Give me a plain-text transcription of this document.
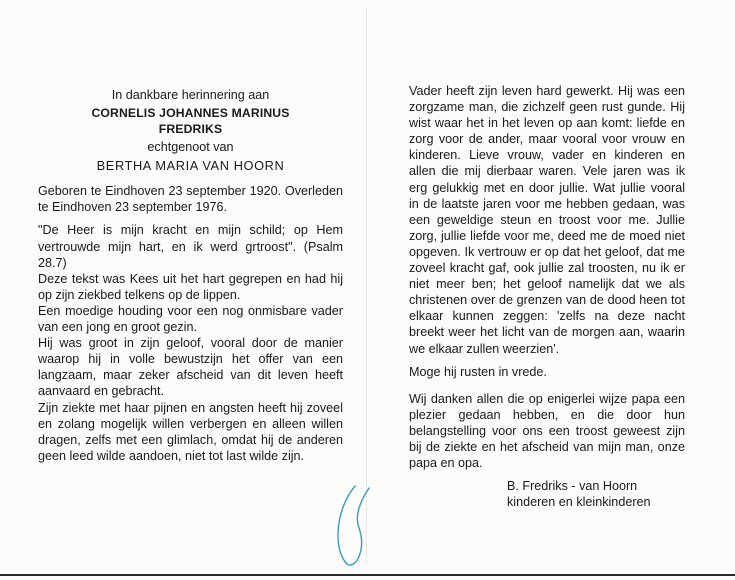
In dankbare herinnering aan

CORNELIS JOHANNES MARINUS

FREDRIKS

echtgenoot van

BERTHA MARIA VAN HOORN

Geboren te Eindhoven 23 september 1920. Overleden te Eindhoven 23 september 1976.

"De Heer is mijn kracht en mijn schild; op Hem vertrouwde mijn hart, en ik werd grtroost". (Psalm 28.7)

Deze tekst was Kees uit het hart gegrepen en had hij op zijn ziekbed telkens op de lippen.

Een moedige houding voor een nog onmisbare vader van een jong en groot gezin.

Hij was groot in zijn geloof, vooral door de manier waarop hij in volle bewustzijn het offer van een langzaam, maar zeker afscheid van dit leven heeft aanvaard en gebracht.

Zijn ziekte met haar pijnen en angsten heeft hij zoveel en zolang mogelijk willen verbergen en alleen willen dragen, zelfs met een glimlach, omdat hij de anderen geen leed wilde aandoen, niet tot last wilde zijn.

Vader heeft zijn leven hard gewerkt. Hij was een zorgzame man, die zichzelf geen rust gunde. Hij wist waar het in het leven op aan komt: liefde en zorg voor de ander, maar vooral voor vrouw en kinderen. Lieve vrouw, vader en kinderen en allen die mij dierbaar waren. Vele jaren was ik erg gelukkig met en door jullie. Wat jullie vooral in de laatste jaren voor me hebben gedaan, was een geweldige steun en troost voor me. Jullie zorg, jullie liefde voor me, deed me de moed niet opgeven. Ik vertrouw er op dat het geloof, dat me zoveel kracht gaf, ook jullie zal troosten, nu ik er niet meer ben; het geloof namelijk dat we als christenen over de grenzen van de dood heen tot elkaar kunnen zeggen: 'zelfs na deze nacht breekt weer het licht van de morgen aan, waarin we elkaar zullen weerzien'.

Moge hij rusten in vrede.

Wij danken allen die op enigerlei wijze papa een plezier gedaan hebben, en die door hun belangstelling voor ons een troost geweest zijn bij de ziekte en het afscheid van mijn man, onze papa en opa.

B. Fredriks - van Hoorn

kinderen en kleinkinderen
